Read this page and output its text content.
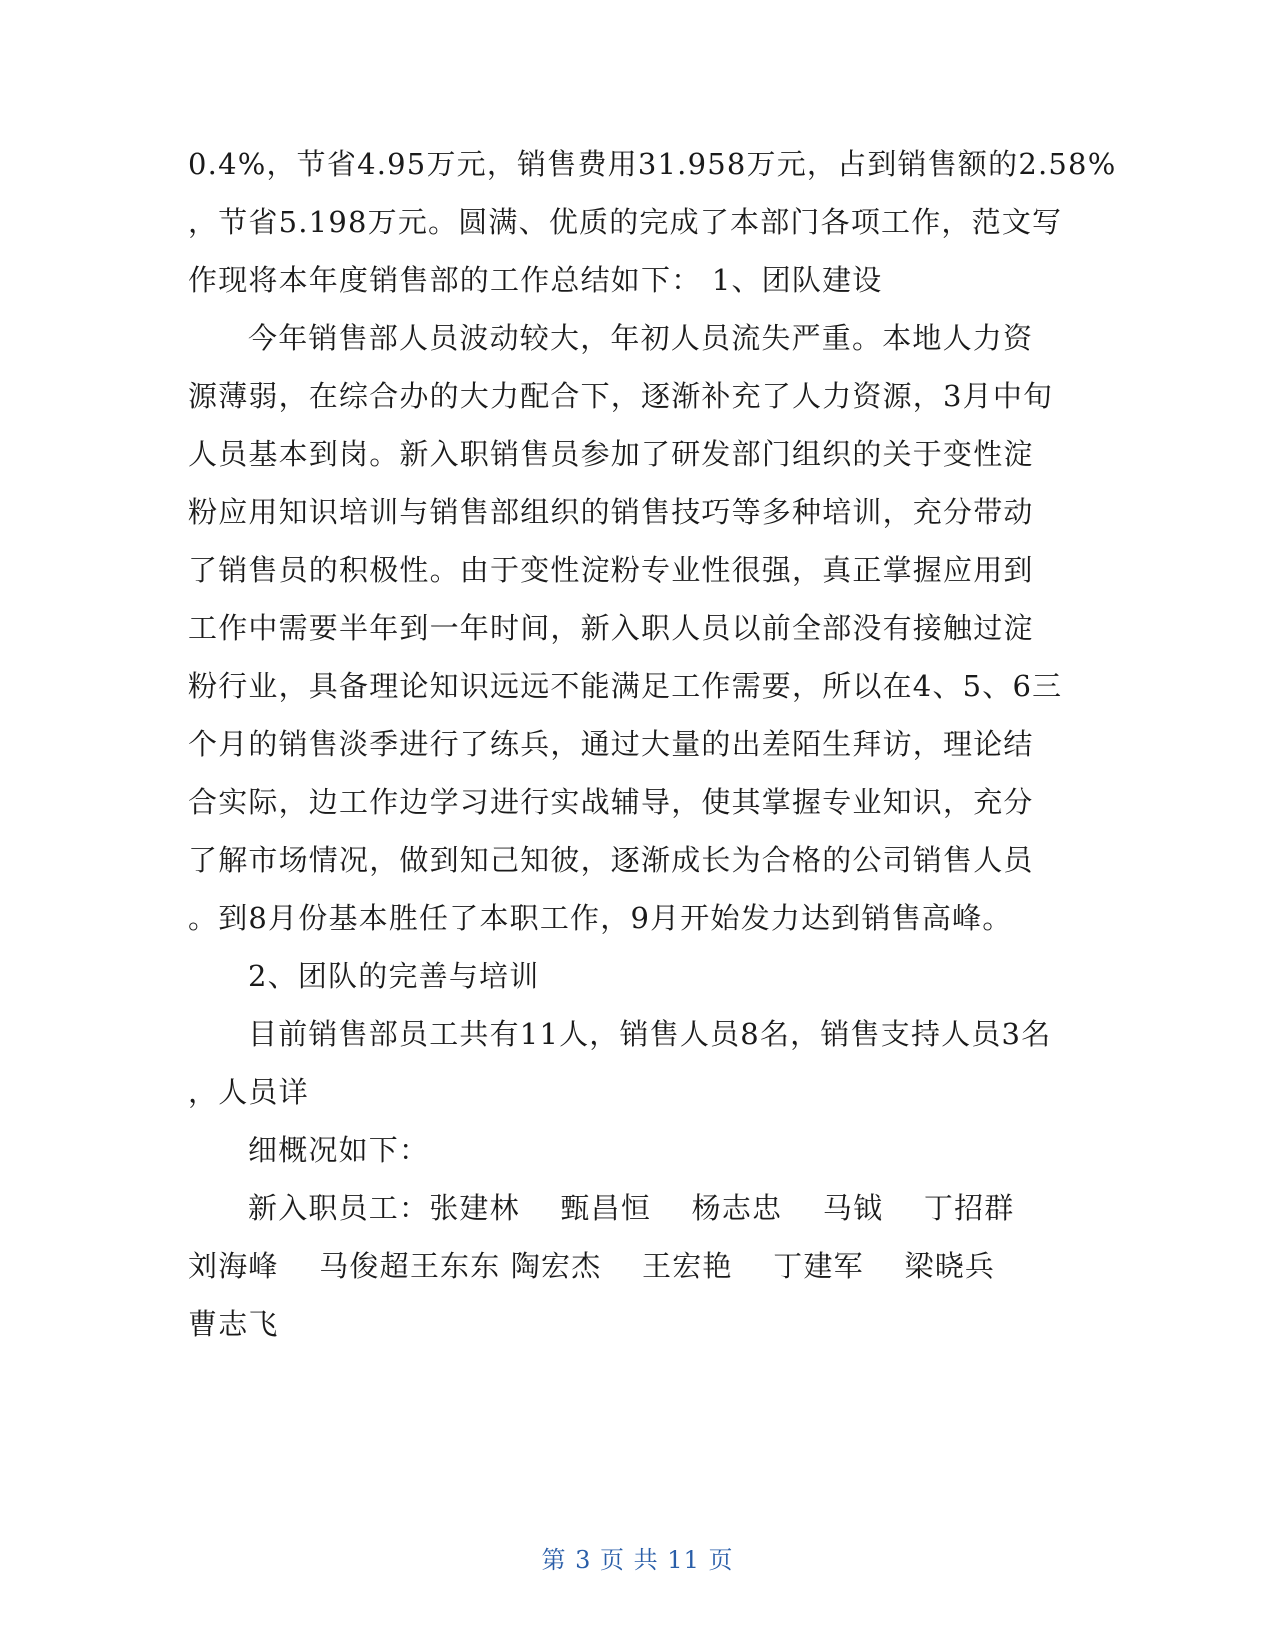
0.4%，节省4.95万元，销售费用31.958万元，占到销售额的2.58%
，节省5.198万元。圆满、优质的完成了本部门各项工作，范文写
作现将本年度销售部的工作总结如下： 1、团队建设
今年销售部人员波动较大，年初人员流失严重。本地人力资
源薄弱，在综合办的大力配合下，逐渐补充了人力资源，3月中旬
人员基本到岗。新入职销售员参加了研发部门组织的关于变性淀
粉应用知识培训与销售部组织的销售技巧等多种培训，充分带动
了销售员的积极性。由于变性淀粉专业性很强，真正掌握应用到
工作中需要半年到一年时间，新入职人员以前全部没有接触过淀
粉行业，具备理论知识远远不能满足工作需要，所以在4、5、6三
个月的销售淡季进行了练兵，通过大量的出差陌生拜访，理论结
合实际，边工作边学习进行实战辅导，使其掌握专业知识，充分
了解市场情况，做到知己知彼，逐渐成长为合格的公司销售人员
。到8月份基本胜任了本职工作，9月开始发力达到销售高峰。
2、团队的完善与培训
目前销售部员工共有11人，销售人员8名，销售支持人员3名
，人员详
细概况如下：
新入职员工：张建林　 甄昌恒　 杨志忠　 马钺　 丁招群
刘海峰　 马俊超王东东 陶宏杰　 王宏艳　 丁建军　 梁晓兵
曹志飞
第 3 页 共 11 页
